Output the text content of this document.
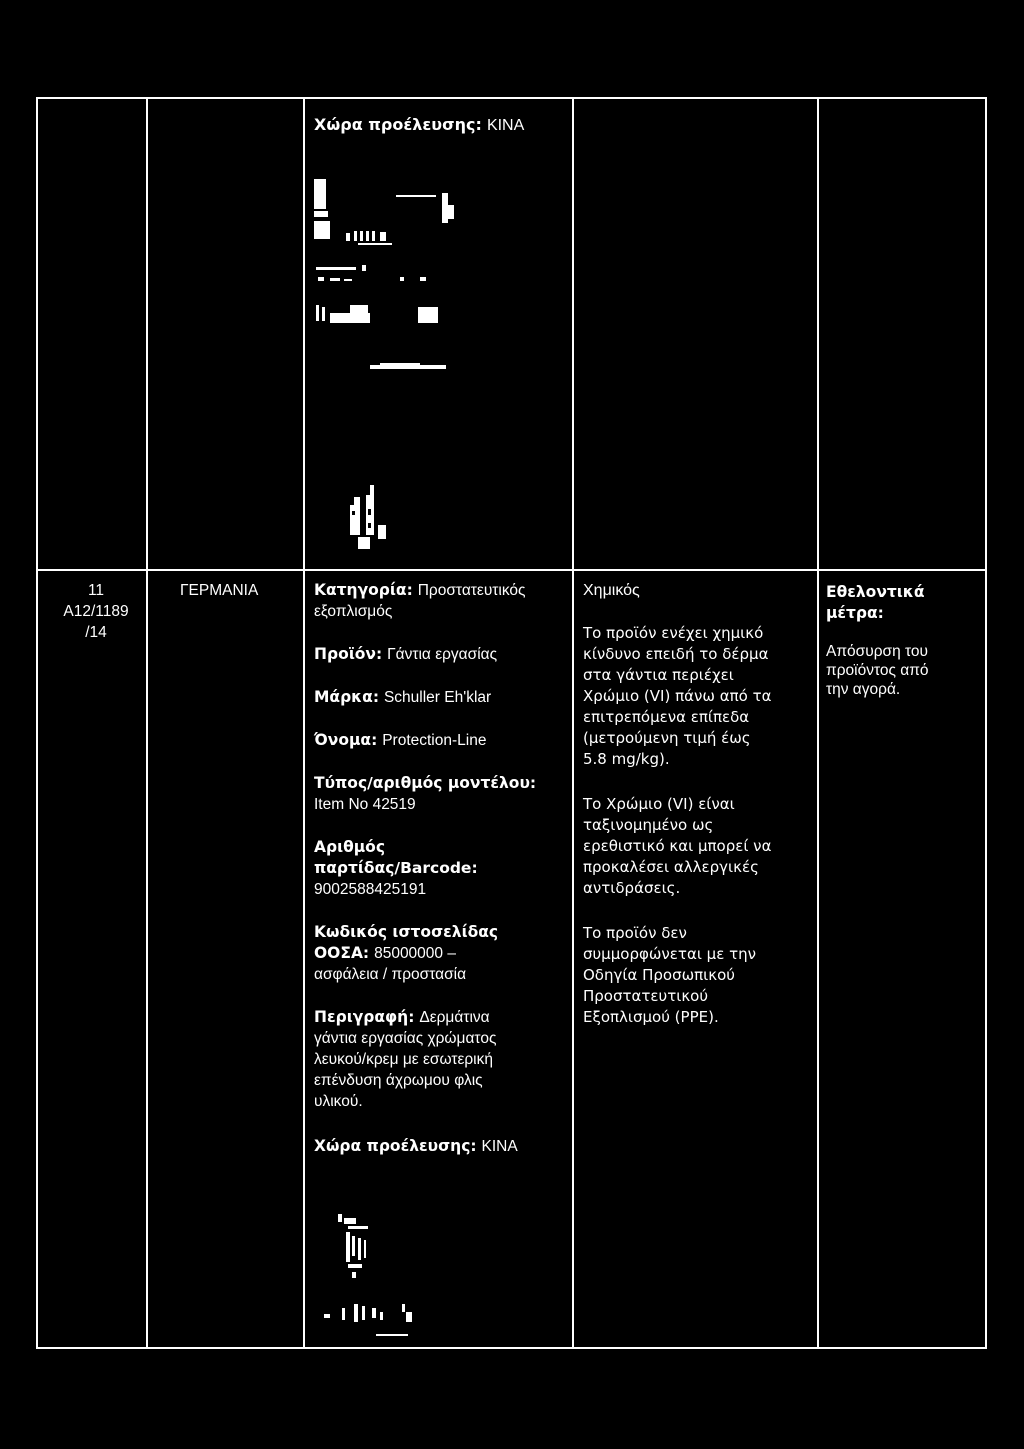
Χώρα προέλευσης: ΚΙΝΑ
11
A12/1189
/14
ΓΕΡΜΑΝΙΑ	Κατηγορία: Προστατευτικός εξοπλισμός
Προϊόν: Γάντια εργασίας
Μάρκα: Schuller Eh'klar
Όνομα: Protection-Line
Τύπος/αριθμός μοντέλου:
Item No 42519
Αριθμός
παρτίδας/Barcode:
9002588425191
Κωδικός ιστοσελίδας
ΟΟΣΑ: 85000000 –
ασφάλεια / προστασία
Περιγραφή: Δερμάτινα
γάντια εργασίας χρώματος
λευκού/κρεμ με εσωτερική
επένδυση άχρωμου φλις
υλικού.
Χώρα προέλευσης: ΚΙΝΑ
Χημικός
Το προϊόν ενέχει χημικό
κίνδυνο επειδή το δέρμα
στα γάντια περιέχει
Χρώμιο (VI) πάνω από τα
επιτρεπόμενα επίπεδα
(μετρούμενη τιμή έως
5.8 mg/kg).
Το Χρώμιο (VI) είναι
ταξινομημένο ως
ερεθιστικό και μπορεί να
προκαλέσει αλλεργικές
αντιδράσεις.
Το προϊόν δεν
συμμορφώνεται με την
Οδηγία Προσωπικού
Προστατευτικού
Εξοπλισμού (PPE).
Εθελοντικά
μέτρα:
Απόσυρση του
προϊόντος από
την αγορά.
